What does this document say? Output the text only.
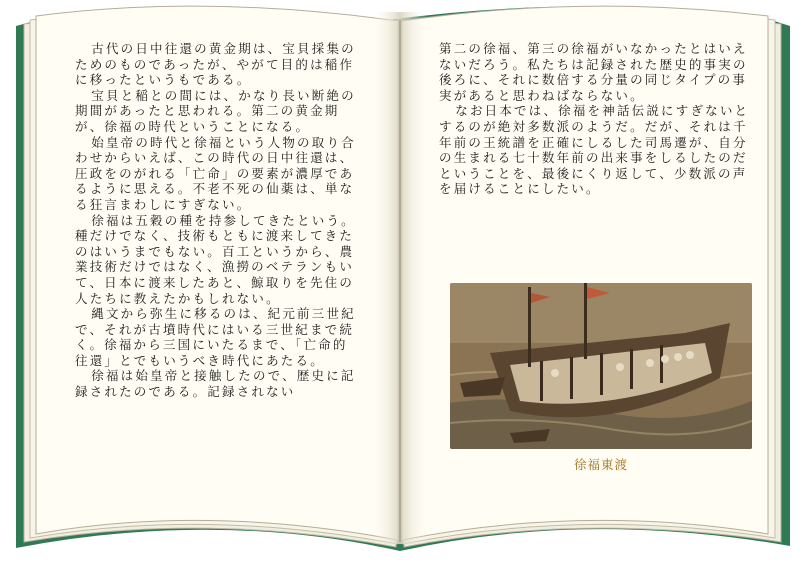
古代の日中往還の黄金期は、宝貝採集のためのものであったが、やがて目的は稲作に移ったというもである。

宝貝と稲との間には、かなり長い断絶の期間があったと思われる。第二の黄金期が、徐福の時代ということになる。

始皇帝の時代と徐福という人物の取り合わせからいえば、この時代の日中往還は、圧政をのがれる「亡命」の要素が濃厚であるように思える。不老不死の仙薬は、単なる狂言まわしにすぎない。

徐福は五穀の種を持参してきたという。種だけでなく、技術もともに渡来してきたのはいうまでもない。百工というから、農業技術だけではなく、漁撈のベテランもいて、日本に渡来したあと、鯨取りを先住の人たちに教えたかもしれない。

縄文から弥生に移るのは、紀元前三世紀で、それが古墳時代にはいる三世紀まで続く。徐福から三国にいたるまで、「亡命的往還」とでもいうべき時代にあたる。

徐福は始皇帝と接触したので、歴史に記録されたのである。記録されない

第二の徐福、第三の徐福がいなかったとはいえないだろう。私たちは記録された歴史的事実の後ろに、それに数倍する分量の同じタイプの事実があると思わねばならない。

なお日本では、徐福を神話伝説にすぎないとするのが絶対多数派のようだ。だが、それは千年前の王統譜を正確にしるした司馬遷が、自分の生まれる七十数年前の出来事をしるしたのだということを、最後にくり返して、少数派の声を届けることにしたい。

徐福東渡
